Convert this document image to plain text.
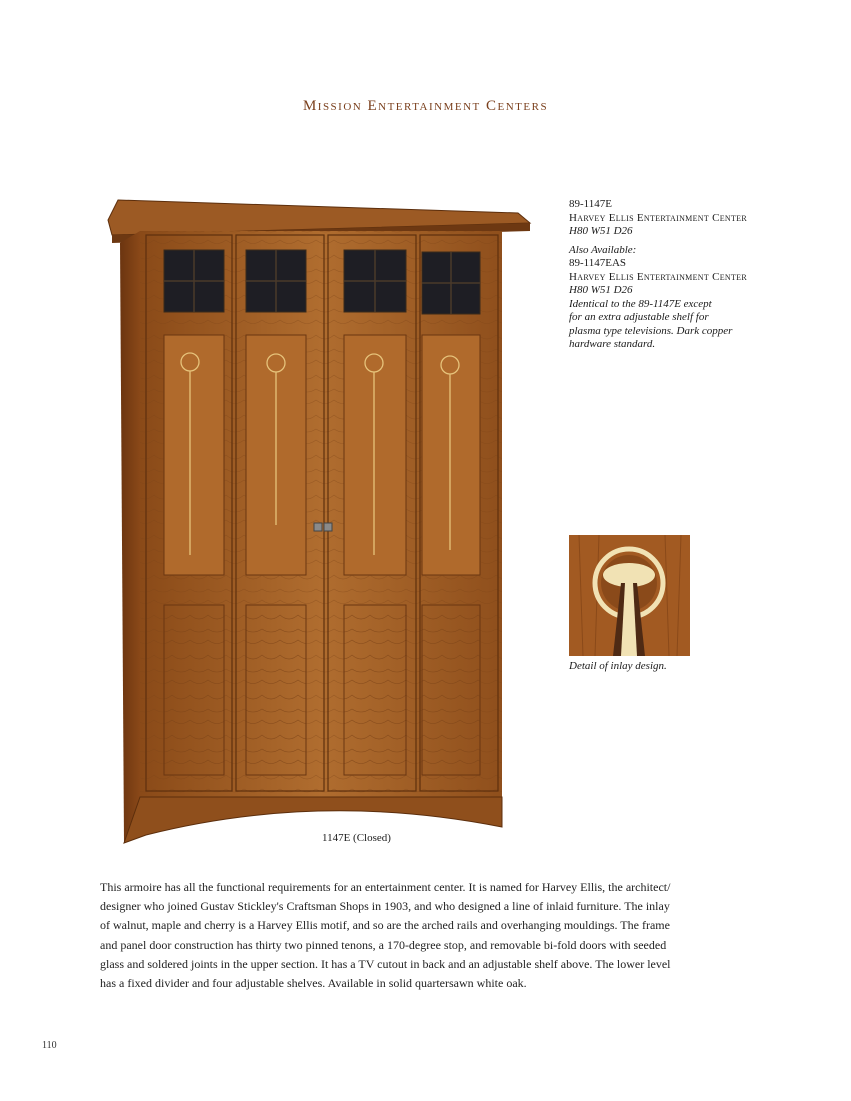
Mission Entertainment Centers
89-1147E
Harvey Ellis Entertainment Center
H80 W51 D26
Also Available:
89-1147EAS
Harvey Ellis Entertainment Center
H80 W51 D26
Identical to the 89-1147E except
for an extra adjustable shelf for
plasma type televisions. Dark copper
hardware standard.
1147E (Closed)
Detail of inlay design.
This armoire has all the functional requirements for an entertainment center. It is named for Harvey Ellis, the architect/
designer who joined Gustav Stickley's Craftsman Shops in 1903, and who designed a line of inlaid furniture. The inlay
of walnut, maple and cherry is a Harvey Ellis motif, and so are the arched rails and overhanging mouldings. The frame
and panel door construction has thirty two pinned tenons, a 170-degree stop, and removable bi-fold doors with seeded
glass and soldered joints in the upper section. It has a TV cutout in back and an adjustable shelf above. The lower level
has a fixed divider and four adjustable shelves. Available in solid quartersawn white oak.
110
